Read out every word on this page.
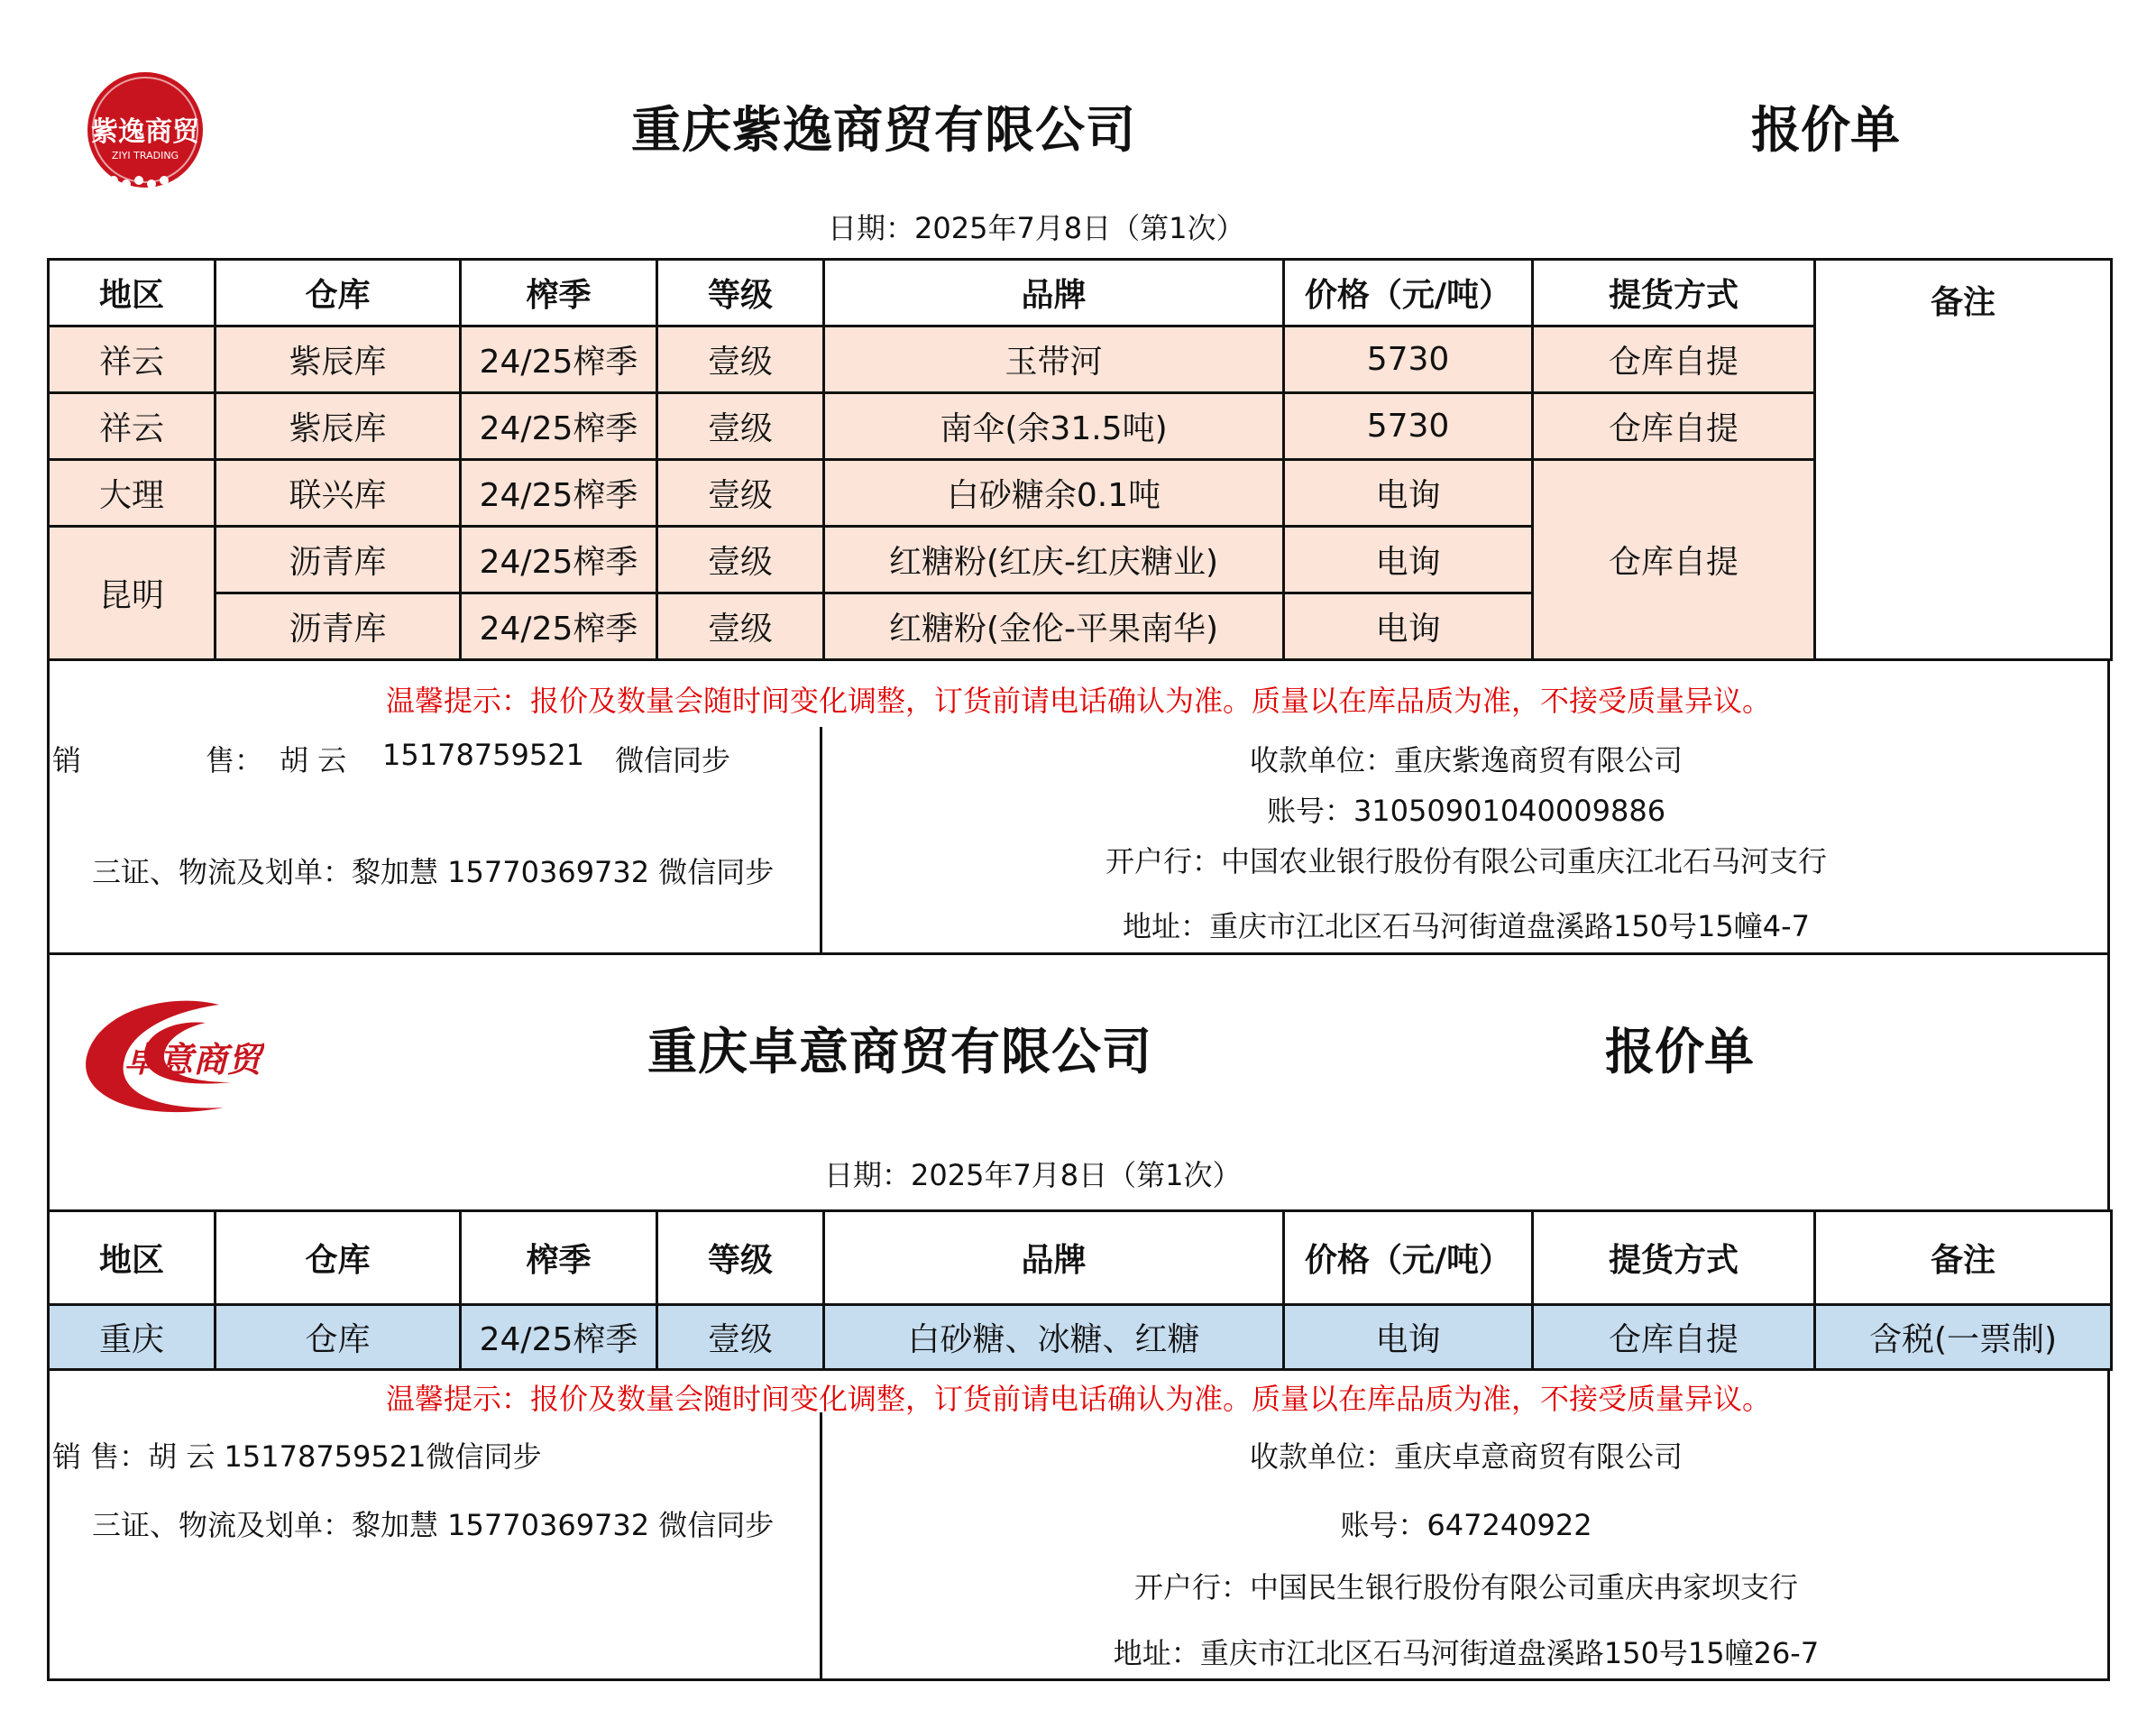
紫逸商贸
ZIYI TRADING	重庆紫逸商贸有限公司	报价单
日期：2025年7月8日（第1次）
地区	仓库	榨季	等级	品牌	价格（元/吨）	提货方式	备注

祥云	紫辰库	24/25榨季	壹级	玉带河	5730	仓库自提	
祥云	紫辰库	24/25榨季	壹级	南伞(余31.5吨)	5730	仓库自提	
大理	联兴库	24/25榨季	壹级	白砂糖余0.1吨	电询	仓库自提	
昆明	沥青库	24/25榨季	壹级	红糖粉(红庆-红庆糖业)	电询		
	沥青库	24/25榨季	壹级	红糖粉(金伦-平果南华)	电询		
温馨提示：报价及数量会随时间变化调整，订货前请电话确认为准。质量以在库品质为准，不接受质量异议。
销	售： 胡 云 15178759521 微信同步
三证、物流及划单：黎加慧 15770369732 微信同步
收款单位：重庆紫逸商贸有限公司
账号：31050901040009886
开户行：中国农业银行股份有限公司重庆江北石马河支行
地址：重庆市江北区石马河街道盘溪路150号15幢4-7
卓意商贸	重庆卓意商贸有限公司	报价单
日期：2025年7月8日（第1次）
地区	仓库	榨季	等级	品牌	价格（元/吨）	提货方式	备注
重庆	仓库	24/25榨季	壹级	白砂糖、冰糖、红糖	电询	仓库自提	含税(一票制)
温馨提示：报价及数量会随时间变化调整，订货前请电话确认为准。质量以在库品质为准，不接受质量异议。
销 售：胡 云 15178759521微信同步
三证、物流及划单：黎加慧 15770369732 微信同步
收款单位：重庆卓意商贸有限公司
账号：647240922
开户行：中国民生银行股份有限公司重庆冉家坝支行
地址：重庆市江北区石马河街道盘溪路150号15幢26-7
